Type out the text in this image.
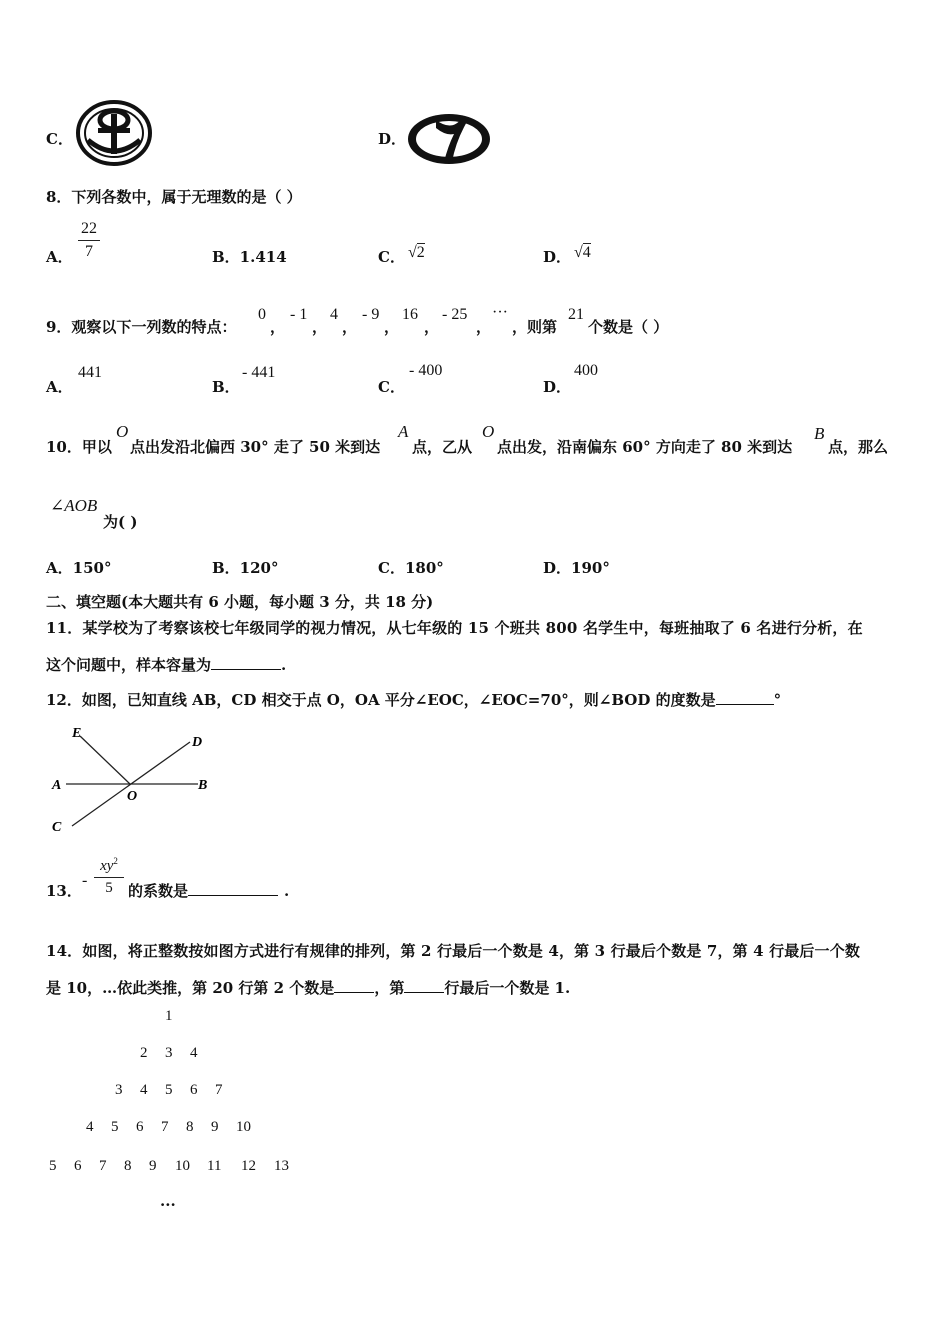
C．	D．
8．下列各数中，属于无理数的是（ ）
A．
22
7	B．1.414	C． √2	D． √4
9．观察以下一列数的特点：
0
，
- 1
，
4
，
- 9
，
16
，
- 25
，
···
，则第
21
个数是（ ）
A．
441
B．
- 441
C．
- 400
D．
400
10．甲以
O
点出发沿北偏西 30° 走了 50 米到达
A
点，乙从
O
点出发，沿南偏东 60° 方向走了 80 米到达
B
点，那么
∠AOB
为( )
A．150°	B．120°	C．180°	D．190°
二、填空题(本大题共有 6 小题，每小题 3 分，共 18 分)
11．某学校为了考察该校七年级同学的视力情况，从七年级的 15 个班共 800 名学生中，每班抽取了 6 名进行分析，在
这个问题中，样本容量为	.
12．如图，已知直线 AB，CD 相交于点 O，OA 平分∠EOC，∠EOC=70°，则∠BOD 的度数是	°
E
D
A	B
O
C
13．
-
$xy^2$
5	的系数是	.
14．如图，将正整数按如图方式进行有规律的排列，第 2 行最后一个数是 4，第 3 行最后个数是 7，第 4 行最后一个数
是 10，…依此类推，第 20 行第 2 个数是	，第	行最后一个数是 1.
1
2 3 4
3 4 5 6 7
4 5 6 7 8 9 10
5 6 7 8 9 10 11 12 13
...
